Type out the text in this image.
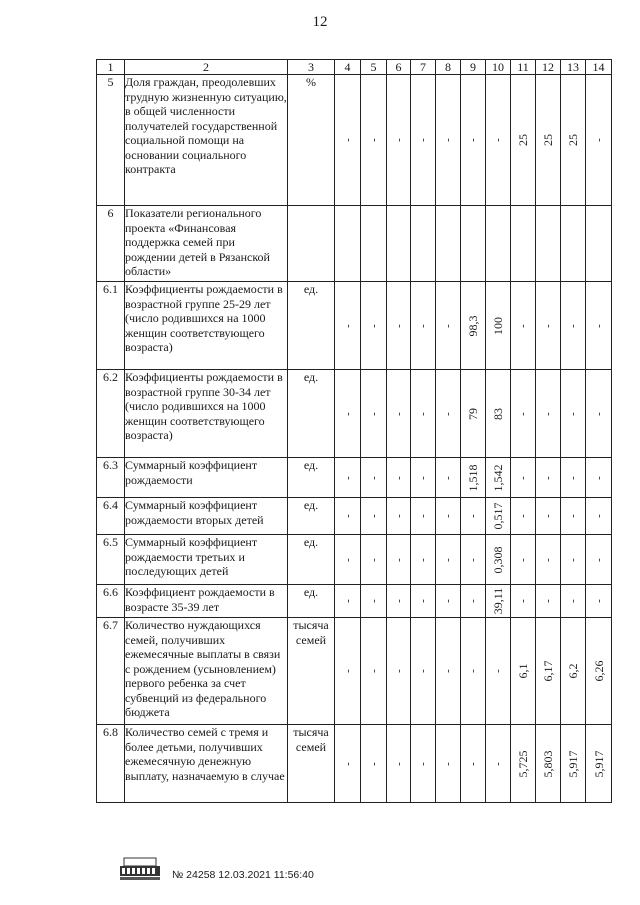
12
1	2	3	4	5	6	7	8	9	10	11	12	13	14
5	Доля граждан, преодолевших трудную жизненную ситуацию, в общей численности получателей государственной социальной помощи на основании социального контракта	%	-	-	-	-	-	-	-	25	25	25	-

6	Показатели регионального проекта «Финансовая поддержка семей при рождении детей в Рязанской области»		

6.1	Коэффициенты рождаемости в возрастной группе 25-29 лет (число родившихся на 1000 женщин соответствующего возраста)	ед.	-	-	-	-	-	98,3	100	-	-	-	-

6.2	Коэффициенты рождаемости в возрастной группе 30-34 лет (число родившихся на 1000 женщин соответствующего возраста)	ед.	-	-	-	-	-	79	83	-	-	-	-

6.3	Суммарный коэффициент рождаемости	ед.	-	-	-	-	-	1,518	1,542	-	-	-	-

6.4	Суммарный коэффициент рождаемости вторых детей	ед.	-	-	-	-	-	-	0,517	-	-	-	-

6.5	Суммарный коэффициент рождаемости третьих и последующих детей	ед.	-	-	-	-	-	-	0,308	-	-	-	-

6.6	Коэффициент рождаемости в возрасте 35-39 лет	ед.	-	-	-	-	-	-	39,11	-	-	-	-

6.7	Количество нуждающихся семей, получивших ежемесячные выплаты в связи с рождением (усыновлением) первого ребенка за счет субвенций из федерального бюджета	тысяча семей	-	-	-	-	-	-	-	6,1	6,17	6,2	6,26

6.8	Количество семей с тремя и более детьми, получивших ежемесячную денежную выплату, назначаемую в случае	тысяча семей	-	-	-	-	-	-	-	5,725	5,803	5,917	5,917
№ 24258 12.03.2021 11:56:40
